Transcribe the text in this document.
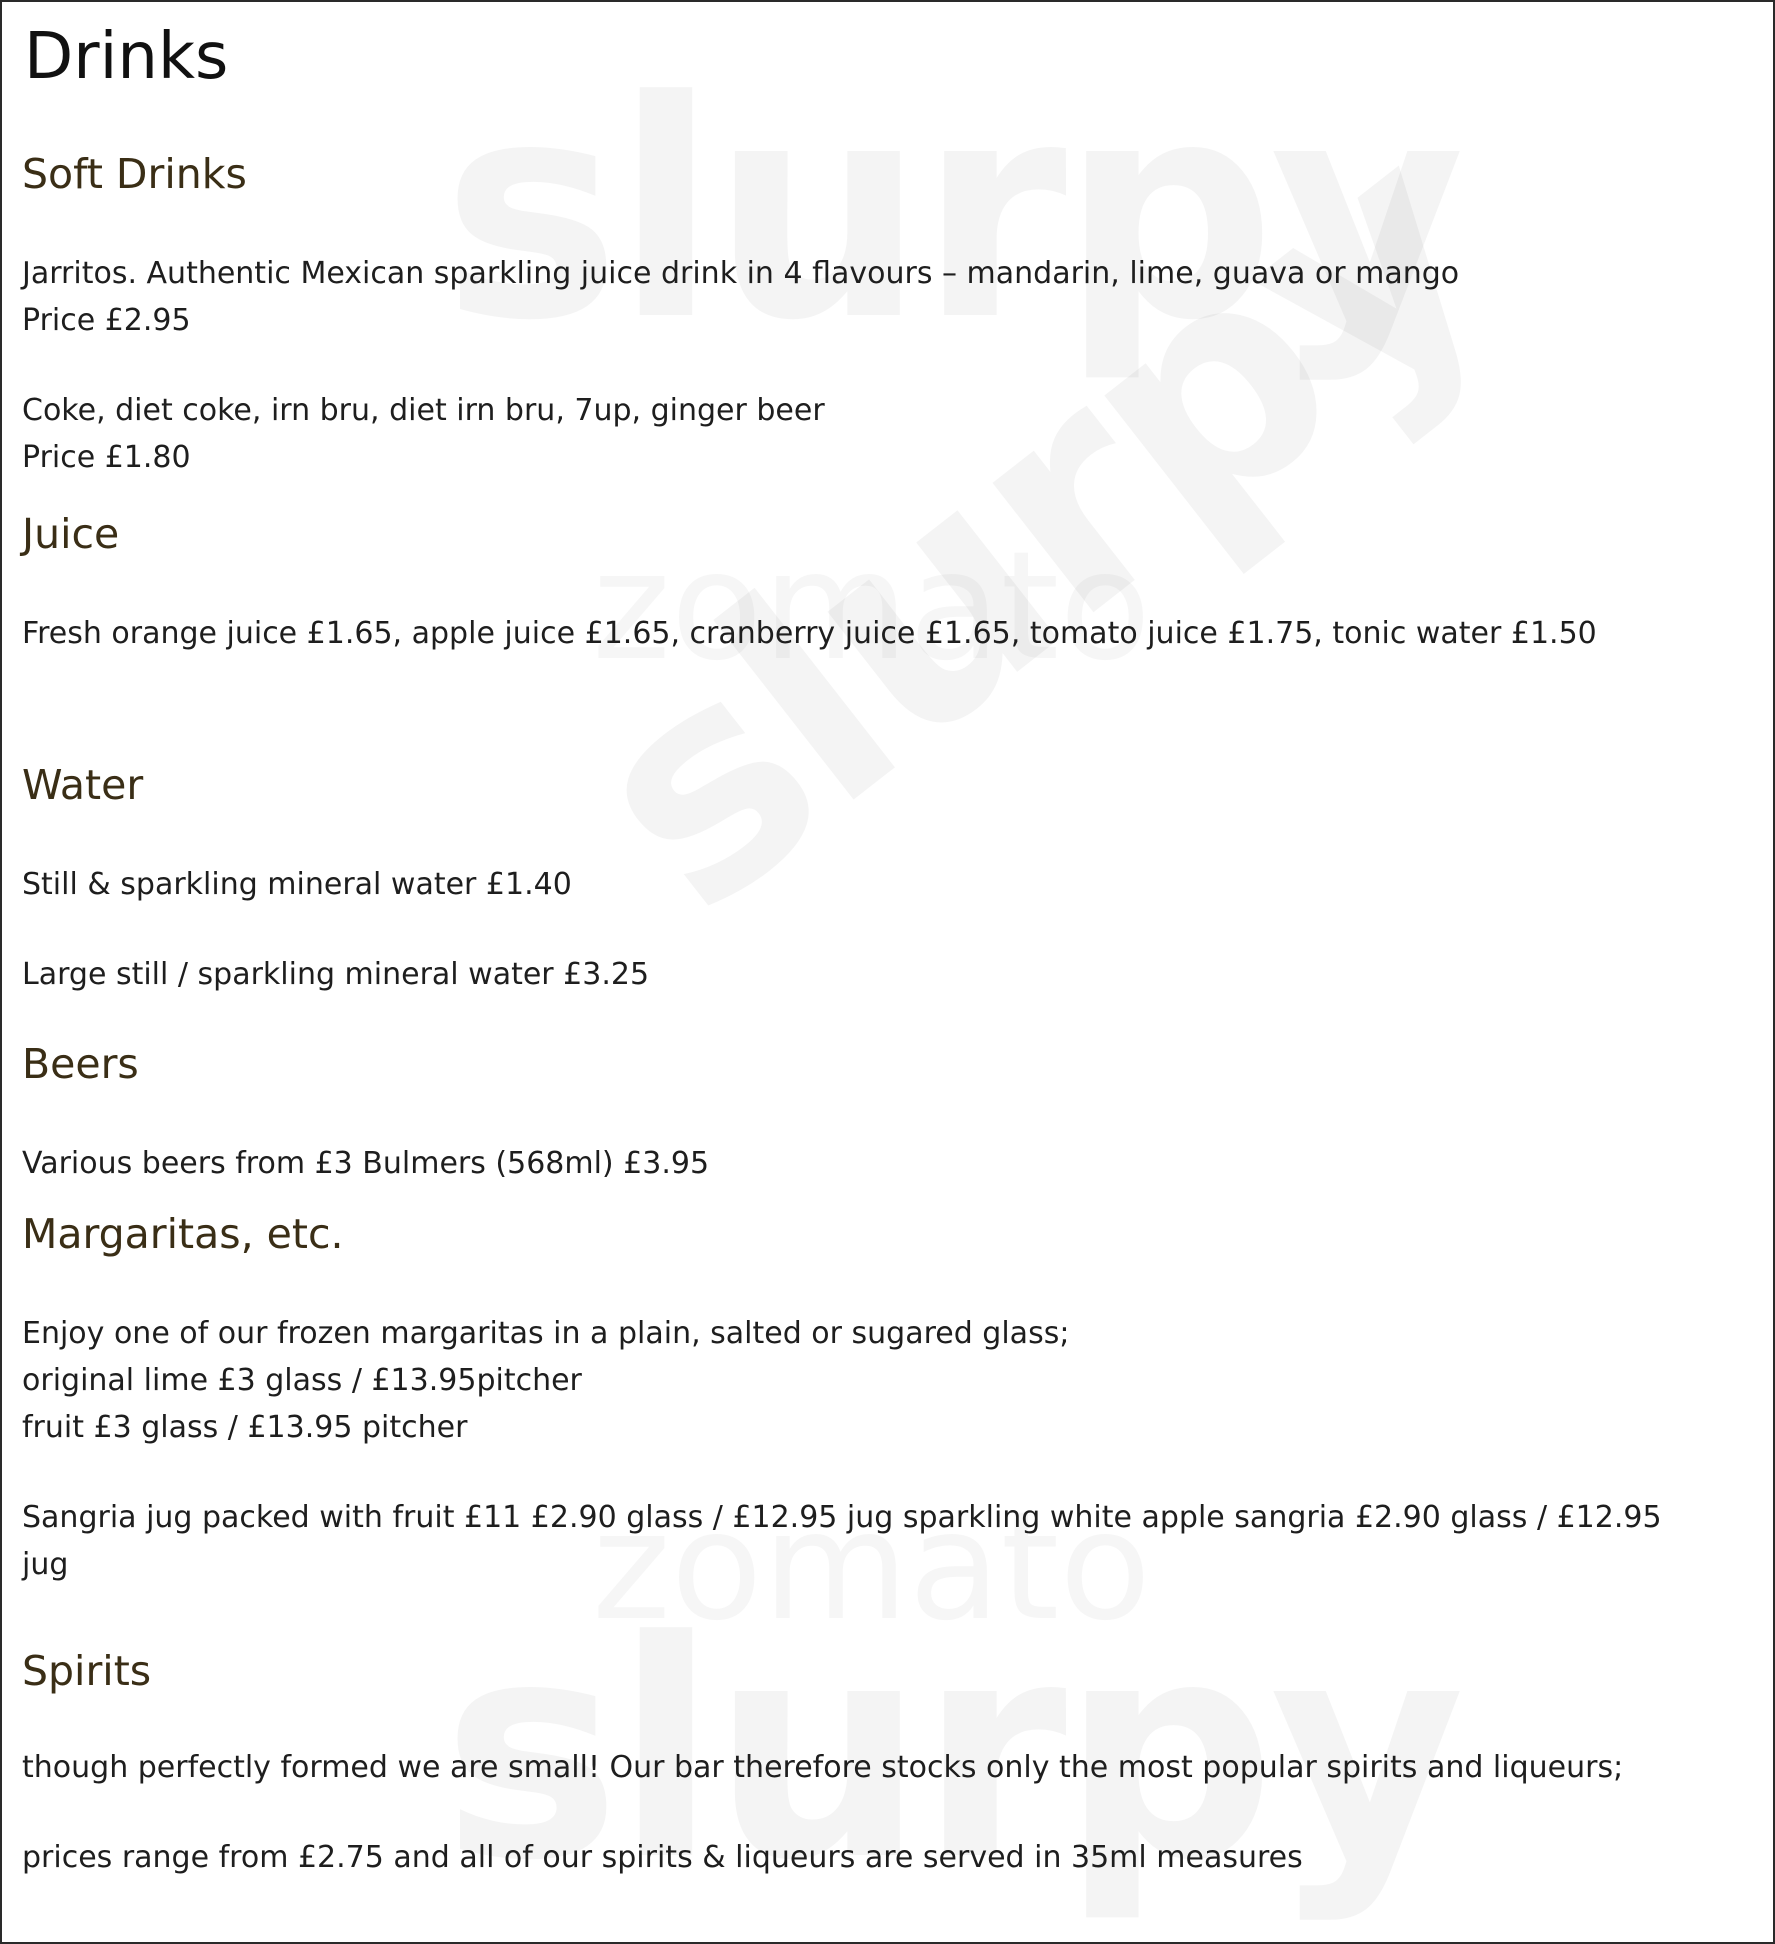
Drinks
Soft Drinks

Jarritos. Authentic Mexican sparkling juice drink in 4 flavours – mandarin, lime, guava or mango

Price £2.95

Coke, diet coke, irn bru, diet irn bru, 7up, ginger beer

Price £1.80

Juice

Fresh orange juice £1.65, apple juice £1.65, cranberry juice £1.65, tomato juice £1.75, tonic water £1.50

Water

Still & sparkling mineral water £1.40

Large still / sparkling mineral water £3.25

Beers

Various beers from £3 Bulmers (568ml) £3.95

Margaritas, etc.

Enjoy one of our frozen margaritas in a plain, salted or sugared glass;

original lime £3 glass / £13.95pitcher

fruit £3 glass / £13.95 pitcher

Sangria jug packed with fruit £11 £2.90 glass / £12.95 jug sparkling white apple sangria £2.90 glass / £12.95

jug

Spirits

though perfectly formed we are small! Our bar therefore stocks only the most popular spirits and liqueurs;

prices range from £2.75 and all of our spirits & liqueurs are served in 35ml measures
